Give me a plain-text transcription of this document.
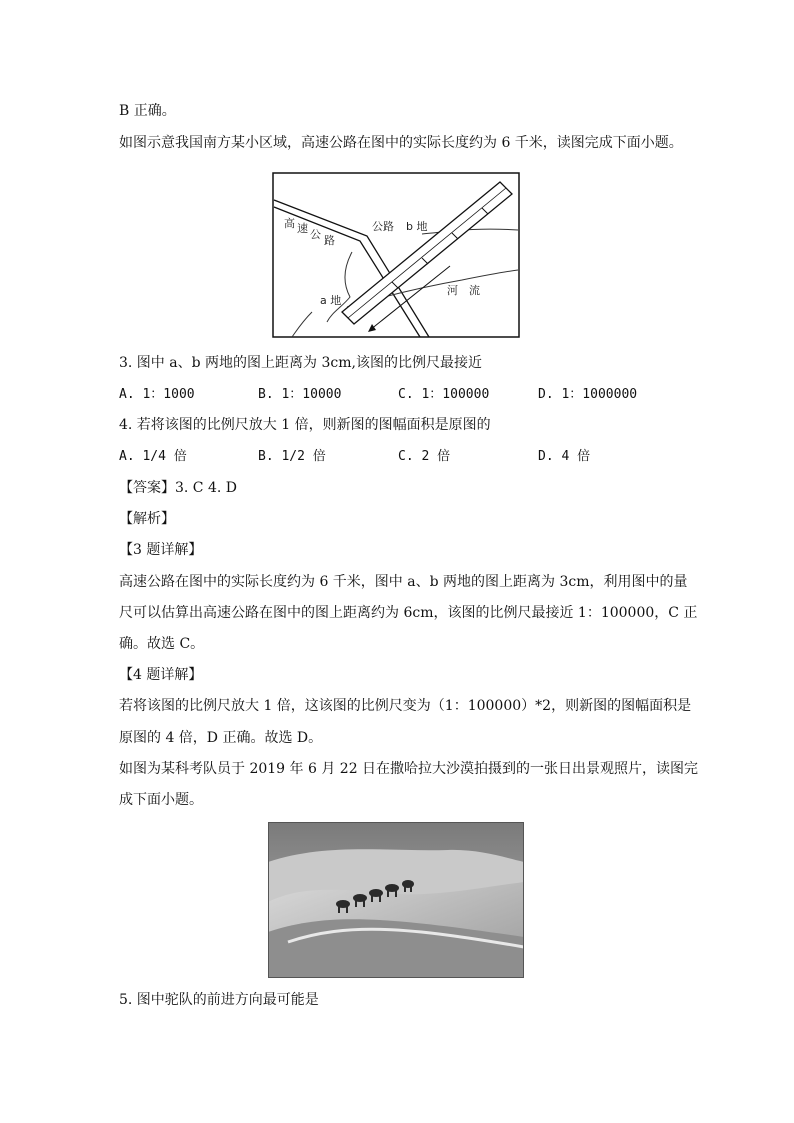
B 正确。
如图示意我国南方某小区域，高速公路在图中的实际长度约为 6 千米，读图完成下面小题。
高 速 公 路
公路 b 地
a 地
河　流
3. 图中 a、b 两地的图上距离为 3cm,该图的比例尺最接近
A. 1：1000	B. 1：10000	C. 1：100000	D. 1：1000000
4. 若将该图的比例尺放大 1 倍，则新图的图幅面积是原图的
A. 1/4 倍	B. 1/2 倍	C. 2 倍	D. 4 倍
【答案】3. C 4. D
【解析】
【3 题详解】
高速公路在图中的实际长度约为 6 千米，图中 a、b 两地的图上距离为 3cm，利用图中的量
尺可以估算出高速公路在图中的图上距离约为 6cm，该图的比例尺最接近 1：100000，C 正
确。故选 C。
【4 题详解】
若将该图的比例尺放大 1 倍，这该图的比例尺变为（1：100000）*2，则新图的图幅面积是
原图的 4 倍，D 正确。故选 D。
如图为某科考队员于 2019 年 6 月 22 日在撒哈拉大沙漠拍摄到的一张日出景观照片，读图完
成下面小题。
5. 图中驼队的前进方向最可能是
